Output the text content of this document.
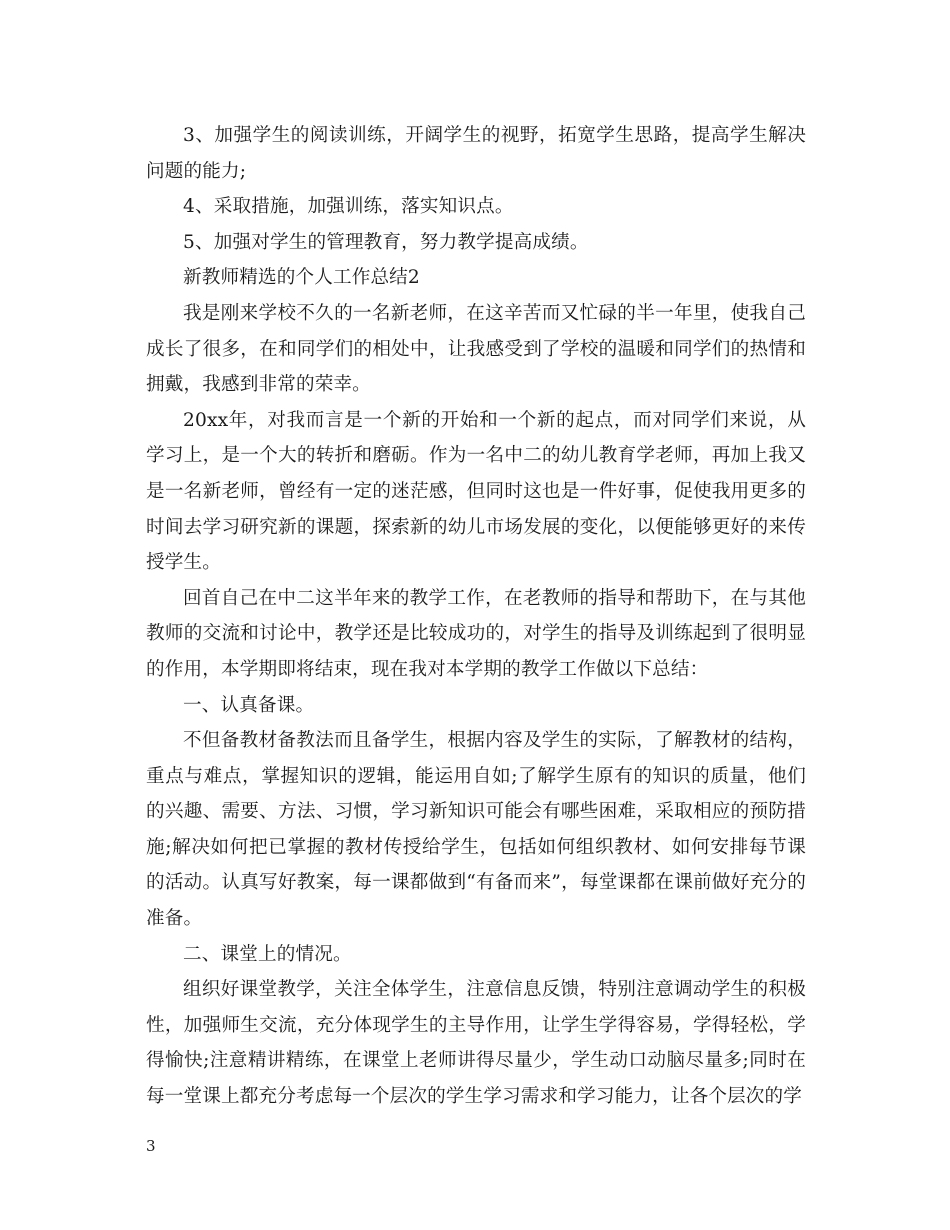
3、加强学生的阅读训练，开阔学生的视野，拓宽学生思路，提高学生解决问题的能力;

4、采取措施，加强训练，落实知识点。

5、加强对学生的管理教育，努力教学提高成绩。

新教师精选的个人工作总结2

我是刚来学校不久的一名新老师，在这辛苦而又忙碌的半一年里，使我自己成长了很多，在和同学们的相处中，让我感受到了学校的温暖和同学们的热情和拥戴，我感到非常的荣幸。

20xx年，对我而言是一个新的开始和一个新的起点，而对同学们来说，从学习上，是一个大的转折和磨砺。作为一名中二的幼儿教育学老师，再加上我又是一名新老师，曾经有一定的迷茫感，但同时这也是一件好事，促使我用更多的时间去学习研究新的课题，探索新的幼儿市场发展的变化，以便能够更好的来传授学生。

回首自己在中二这半年来的教学工作，在老教师的指导和帮助下，在与其他教师的交流和讨论中，教学还是比较成功的，对学生的指导及训练起到了很明显的作用，本学期即将结束，现在我对本学期的教学工作做以下总结：

一、认真备课。

不但备教材备教法而且备学生，根据内容及学生的实际，了解教材的结构，重点与难点，掌握知识的逻辑，能运用自如;了解学生原有的知识的质量，他们的兴趣、需要、方法、习惯，学习新知识可能会有哪些困难，采取相应的预防措施;解决如何把已掌握的教材传授给学生，包括如何组织教材、如何安排每节课的活动。认真写好教案，每一课都做到“有备而来”，每堂课都在课前做好充分的准备。

二、课堂上的情况。

组织好课堂教学，关注全体学生，注意信息反馈，特别注意调动学生的积极性，加强师生交流，充分体现学生的主导作用，让学生学得容易，学得轻松，学得愉快;注意精讲精练，在课堂上老师讲得尽量少，学生动口动脑尽量多;同时在每一堂课上都充分考虑每一个层次的学生学习需求和学习能力，让各个层次的学

3
